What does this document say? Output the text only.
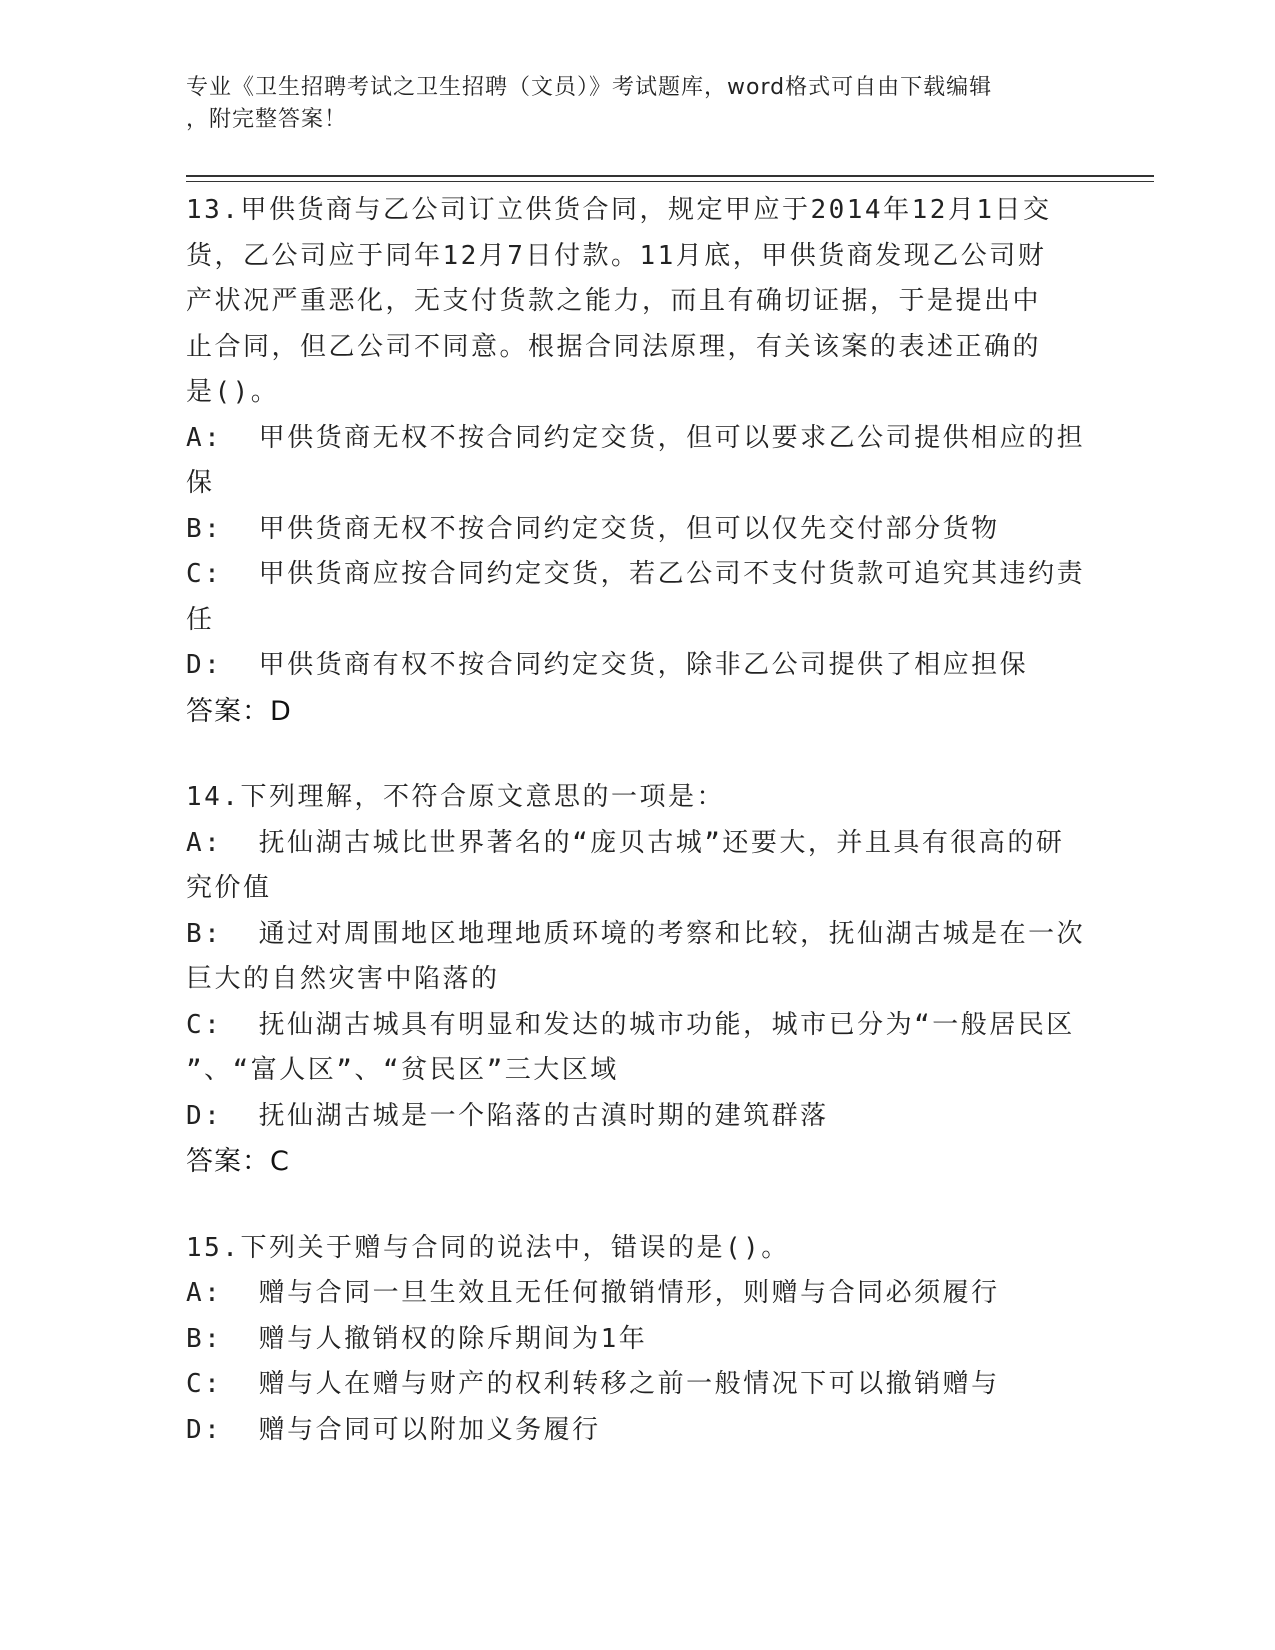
专业《卫生招聘考试之卫生招聘（文员）》考试题库，word格式可自由下载编辑
，附完整答案！
13.甲供货商与乙公司订立供货合同，规定甲应于2014年12月1日交
货，乙公司应于同年12月7日付款。11月底，甲供货商发现乙公司财
产状况严重恶化，无支付货款之能力，而且有确切证据，于是提出中
止合同，但乙公司不同意。根据合同法原理，有关该案的表述正确的
是()。
A:  甲供货商无权不按合同约定交货，但可以要求乙公司提供相应的担
保
B:  甲供货商无权不按合同约定交货，但可以仅先交付部分货物
C:  甲供货商应按合同约定交货，若乙公司不支付货款可追究其违约责
任
D:  甲供货商有权不按合同约定交货，除非乙公司提供了相应担保
答案：D
14.下列理解，不符合原文意思的一项是：
A:  抚仙湖古城比世界著名的“庞贝古城”还要大，并且具有很高的研
究价值
B:  通过对周围地区地理地质环境的考察和比较，抚仙湖古城是在一次
巨大的自然灾害中陷落的
C:  抚仙湖古城具有明显和发达的城市功能，城市已分为“一般居民区
”、“富人区”、“贫民区”三大区域
D:  抚仙湖古城是一个陷落的古滇时期的建筑群落
答案：C
15.下列关于赠与合同的说法中，错误的是()。
A:  赠与合同一旦生效且无任何撤销情形，则赠与合同必须履行
B:  赠与人撤销权的除斥期间为1年
C:  赠与人在赠与财产的权利转移之前一般情况下可以撤销赠与
D:  赠与合同可以附加义务履行
